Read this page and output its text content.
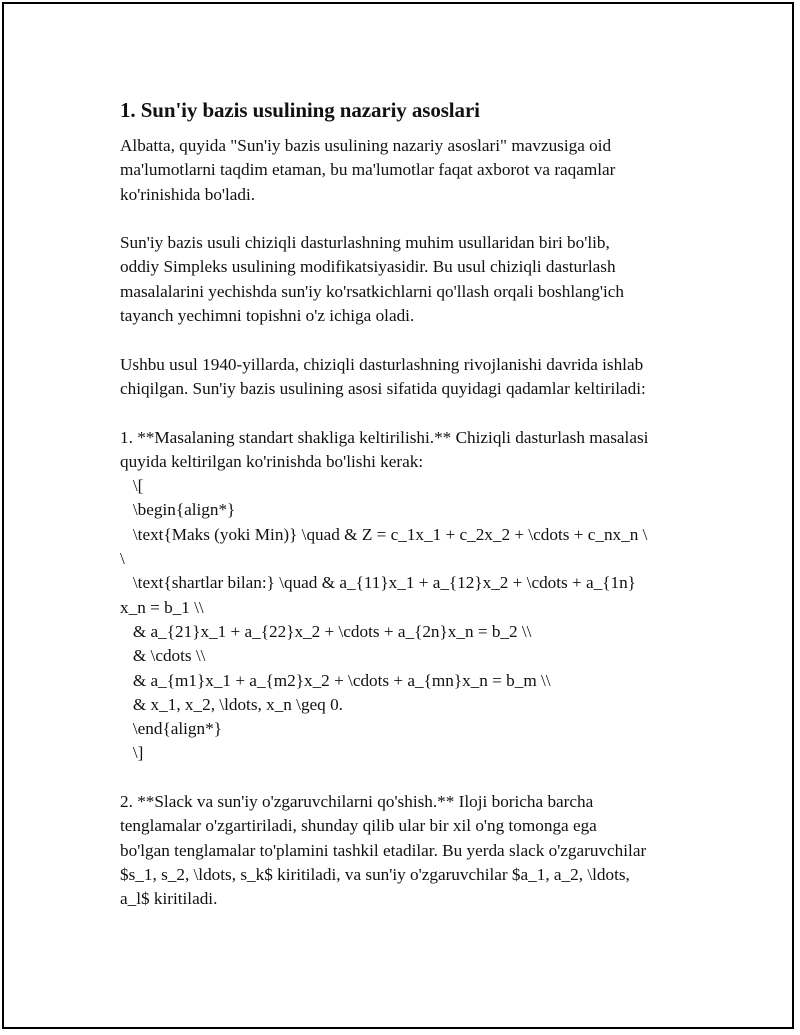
1. Sun'iy bazis usulining nazariy asoslari

Albatta, quyida "Sun'iy bazis usulining nazariy asoslari" mavzusiga oid
ma'lumotlarni taqdim etaman, bu ma'lumotlar faqat axborot va raqamlar
ko'rinishida bo'ladi.

Sun'iy bazis usuli chiziqli dasturlashning muhim usullaridan biri bo'lib,
oddiy Simpleks usulining modifikatsiyasidir. Bu usul chiziqli dasturlash
masalalarini yechishda sun'iy ko'rsatkichlarni qo'llash orqali boshlang'ich
tayanch yechimni topishni o'z ichiga oladi.

Ushbu usul 1940-yillarda, chiziqli dasturlashning rivojlanishi davrida ishlab
chiqilgan. Sun'iy bazis usulining asosi sifatida quyidagi qadamlar keltiriladi:

1. **Masalaning standart shakliga keltirilishi.** Chiziqli dasturlash masalasi
quyida keltirilgan ko'rinishda bo'lishi kerak:
\[
\begin{align*}
\text{Maks (yoki Min)} \quad & Z = c_1x_1 + c_2x_2 + \cdots + c_nx_n \
\
\text{shartlar bilan:} \quad & a_{11}x_1 + a_{12}x_2 + \cdots + a_{1n}
x_n = b_1 \\
& a_{21}x_1 + a_{22}x_2 + \cdots + a_{2n}x_n = b_2 \\
& \cdots \\
& a_{m1}x_1 + a_{m2}x_2 + \cdots + a_{mn}x_n = b_m \\
& x_1, x_2, \ldots, x_n \geq 0.
\end{align*}
\]

2. **Slack va sun'iy o'zgaruvchilarni qo'shish.** Iloji boricha barcha
tenglamalar o'zgartiriladi, shunday qilib ular bir xil o'ng tomonga ega
bo'lgan tenglamalar to'plamini tashkil etadilar. Bu yerda slack o'zgaruvchilar
$s_1, s_2, \ldots, s_k$ kiritiladi, va sun'iy o'zgaruvchilar $a_1, a_2, \ldots,
a_l$ kiritiladi.
